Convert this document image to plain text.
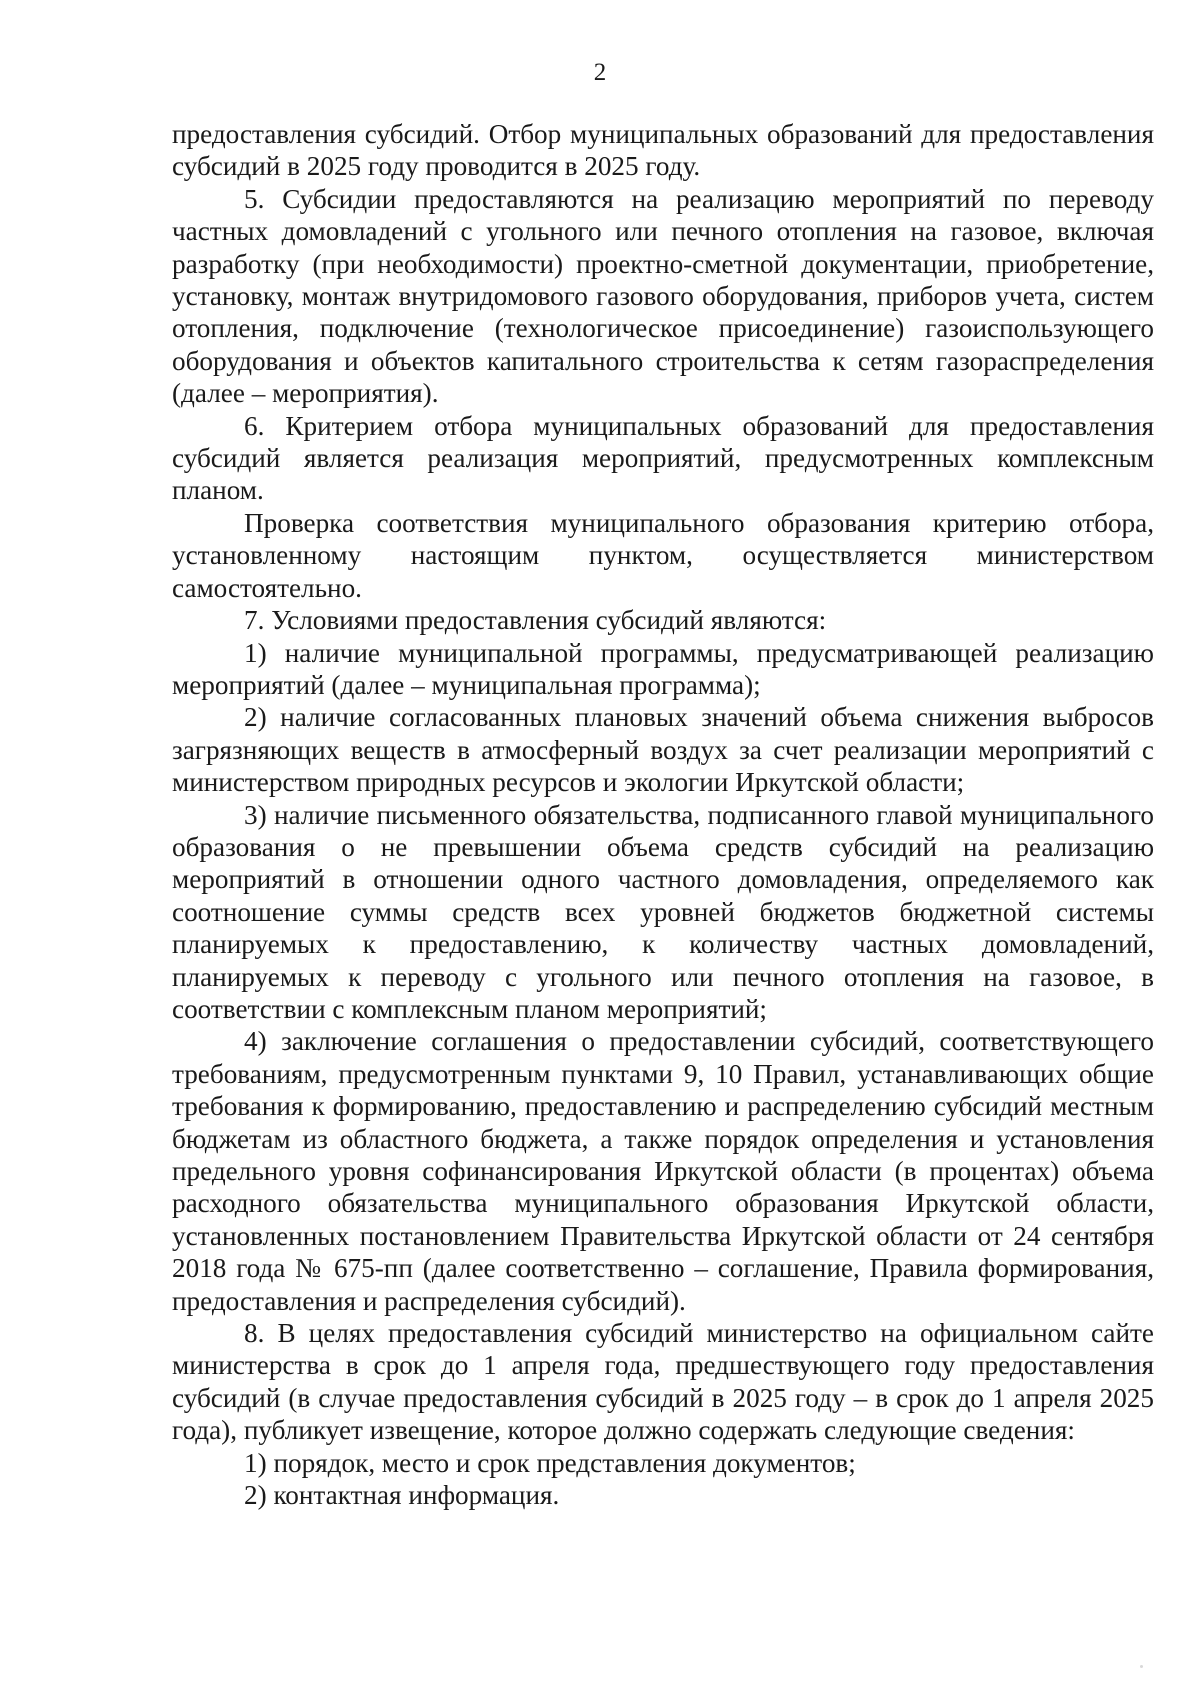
2

предоставления субсидий. Отбор муниципальных образований для предоставления субсидий в 2025 году проводится в 2025 году.

5. Субсидии предоставляются на реализацию мероприятий по переводу частных домовладений с угольного или печного отопления на газовое, включая разработку (при необходимости) проектно-сметной документации, приобретение, установку, монтаж внутридомового газового оборудования, приборов учета, систем отопления, подключение (технологическое присоединение) газоиспользующего оборудования и объектов капитального строительства к сетям газораспределения (далее – мероприятия).

6. Критерием отбора муниципальных образований для предоставления субсидий является реализация мероприятий, предусмотренных комплексным планом.

Проверка соответствия муниципального образования критерию отбора, установленному настоящим пунктом, осуществляется министерством самостоятельно.

7. Условиями предоставления субсидий являются:

1) наличие муниципальной программы, предусматривающей реализацию мероприятий (далее – муниципальная программа);

2) наличие согласованных плановых значений объема снижения выбросов загрязняющих веществ в атмосферный воздух за счет реализации мероприятий с министерством природных ресурсов и экологии Иркутской области;

3) наличие письменного обязательства, подписанного главой муниципального образования о не превышении объема средств субсидий на реализацию мероприятий в отношении одного частного домовладения, определяемого как соотношение суммы средств всех уровней бюджетов бюджетной системы планируемых к предоставлению, к количеству частных домовладений, планируемых к переводу с угольного или печного отопления на газовое, в соответствии с комплексным планом мероприятий;

4) заключение соглашения о предоставлении субсидий, соответствующего требованиям, предусмотренным пунктами 9, 10 Правил, устанавливающих общие требования к формированию, предоставлению и распределению субсидий местным бюджетам из областного бюджета, а также порядок определения и установления предельного уровня софинансирования Иркутской области (в процентах) объема расходного обязательства муниципального образования Иркутской области, установленных постановлением Правительства Иркутской области от 24 сентября 2018 года № 675-пп (далее соответственно – соглашение, Правила формирования, предоставления и распределения субсидий).

8. В целях предоставления субсидий министерство на официальном сайте министерства в срок до 1 апреля года, предшествующего году предоставления субсидий (в случае предоставления субсидий в 2025 году – в срок до 1 апреля 2025 года), публикует извещение, которое должно содержать следующие сведения:

1) порядок, место и срок представления документов;

2) контактная информация.
